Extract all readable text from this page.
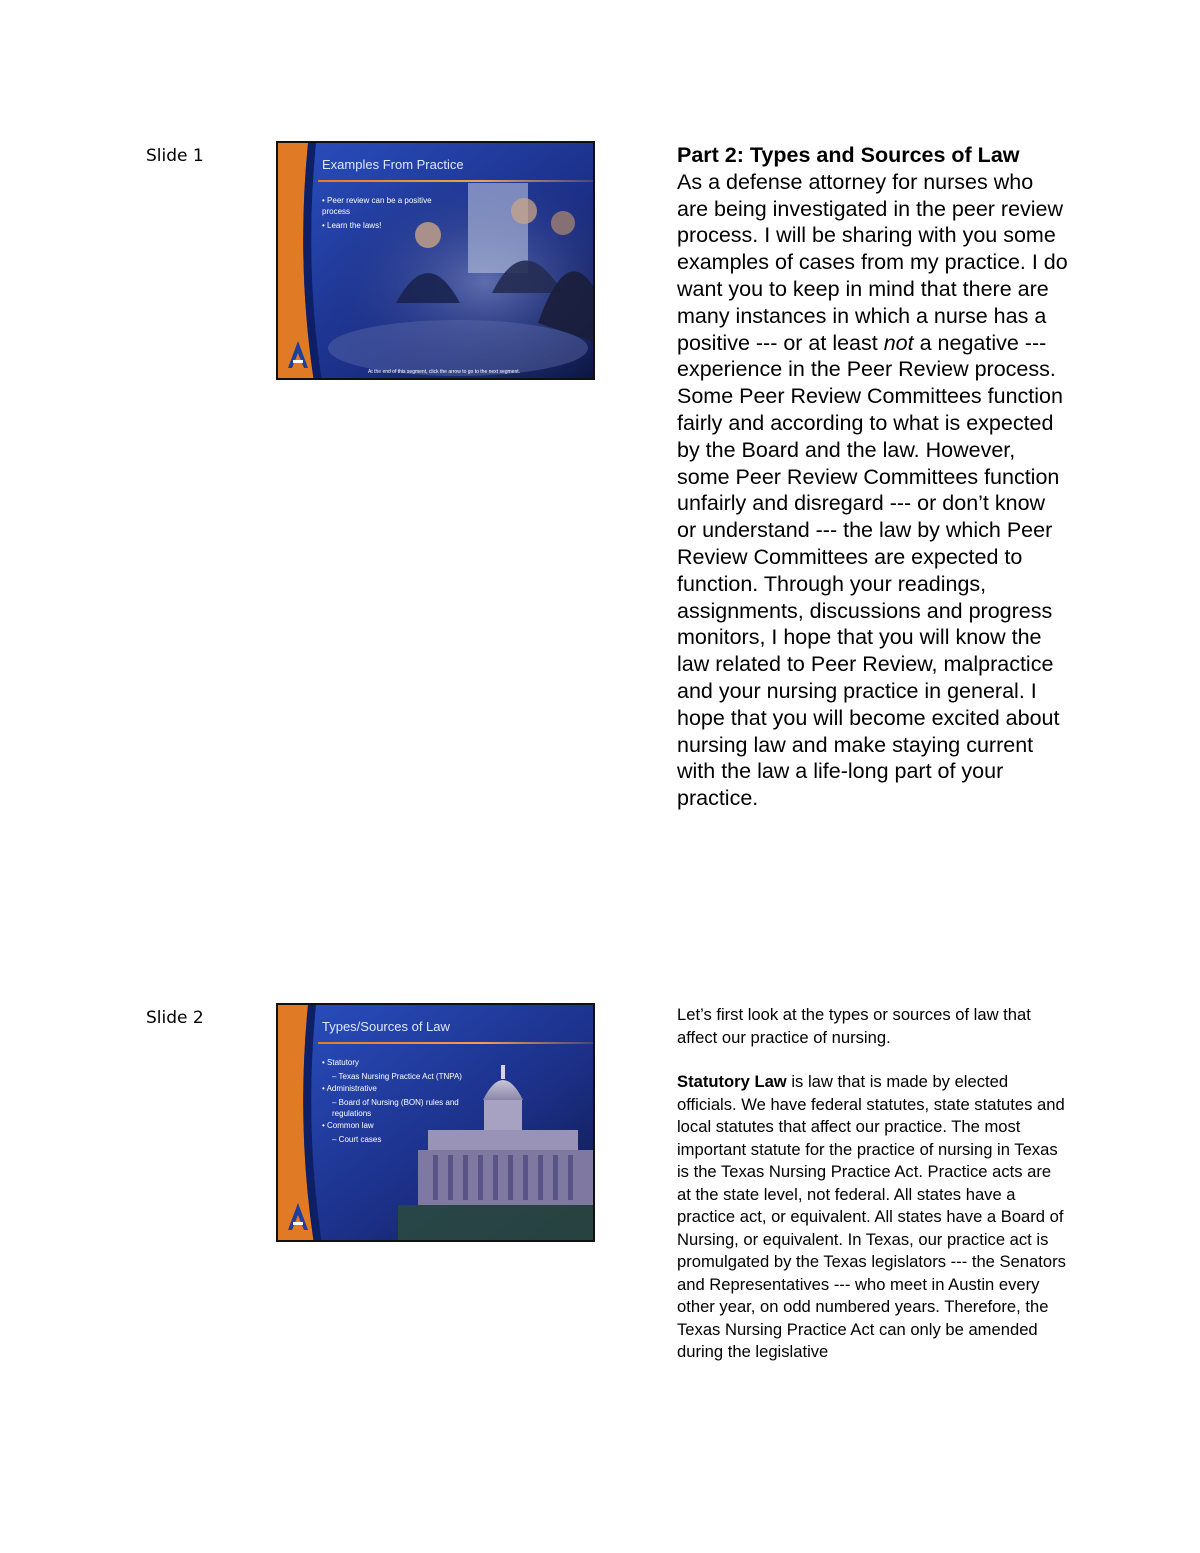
Slide 1	Examples From Practice
• Peer review can be a positive process
• Learn the laws!
At the end of this segment, click the arrow to go to the next segment.
Part 2: Types and Sources of Law
As a defense attorney for nurses who are being investigated in the peer review process. I will be sharing with you some examples of cases from my practice. I do want you to keep in mind that there are many instances in which a nurse has a positive --- or at least not a negative --- experience in the Peer Review process. Some Peer Review Committees function fairly and according to what is expected by the Board and the law. However, some Peer Review Committees function unfairly and disregard --- or don’t know or understand --- the law by which Peer Review Committees are expected to function. Through your readings, assignments, discussions and progress monitors, I hope that you will know the law related to Peer Review, malpractice and your nursing practice in general. I hope that you will become excited about nursing law and make staying current with the law a life-long part of your practice.
Slide 2	Types/Sources of Law
• Statutory
– Texas Nursing Practice Act (TNPA)
• Administrative
– Board of Nursing (BON) rules and regulations
• Common law
– Court cases

Let’s first look at the types or sources of law that affect our practice of nursing.

Statutory Law is law that is made by elected officials. We have federal statutes, state statutes and local statutes that affect our practice. The most important statute for the practice of nursing in Texas is the Texas Nursing Practice Act. Practice acts are at the state level, not federal. All states have a practice act, or equivalent. All states have a Board of Nursing, or equivalent. In Texas, our practice act is promulgated by the Texas legislators --- the Senators and Representatives --- who meet in Austin every other year, on odd numbered years. Therefore, the Texas Nursing Practice Act can only be amended during the legislative
